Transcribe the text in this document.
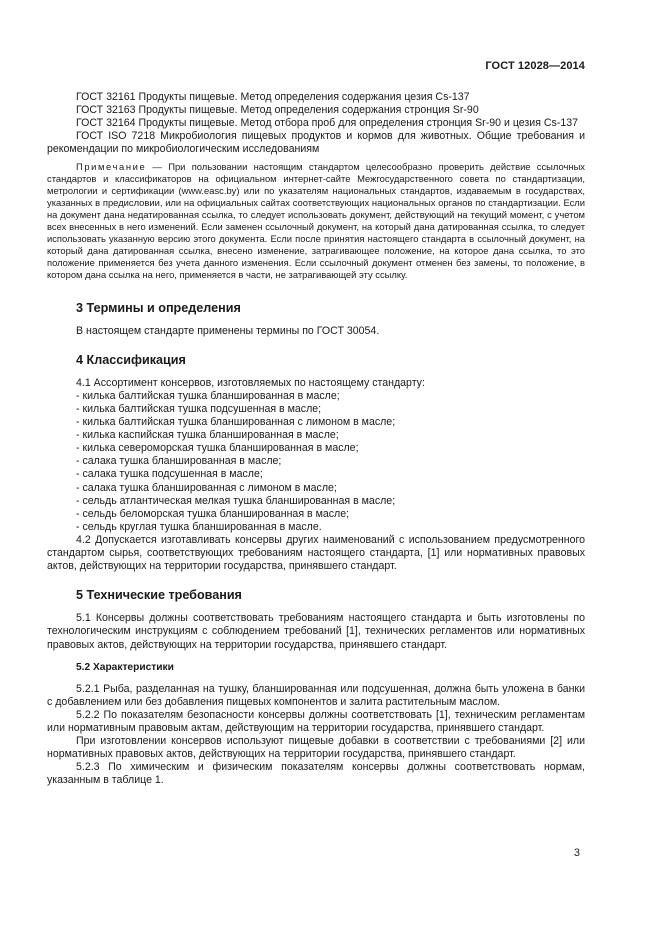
ГОСТ 12028—2014

ГОСТ 32161 Продукты пищевые. Метод определения содержания цезия Cs-137

ГОСТ 32163 Продукты пищевые. Метод определения содержания стронция Sr-90

ГОСТ 32164 Продукты пищевые. Метод отбора проб для определения стронция Sr-90 и цезия Cs-137

ГОСТ ISO 7218 Микробиология пищевых продуктов и кормов для животных. Общие требования и рекомендации по микробиологическим исследованиям

Примечание — При пользовании настоящим стандартом целесообразно проверить действие ссылочных стандартов и классификаторов на официальном интернет-сайте Межгосударственного совета по стандартизации, метрологии и сертификации (www.easc.by) или по указателям национальных стандартов, издаваемым в государствах, указанных в предисловии, или на официальных сайтах соответствующих национальных органов по стандартизации. Если на документ дана недатированная ссылка, то следует использовать документ, действующий на текущий момент, с учетом всех внесенных в него изменений. Если заменен ссылочный документ, на который дана датированная ссылка, то следует использовать указанную версию этого документа. Если после принятия настоящего стандарта в ссылочный документ, на который дана датированная ссылка, внесено изменение, затрагивающее положение, на которое дана ссылка, то это положение применяется без учета данного изменения. Если ссылочный документ отменен без замены, то положение, в котором дана ссылка на него, применяется в части, не затрагивающей эту ссылку.

3 Термины и определения

В настоящем стандарте применены термины по ГОСТ 30054.

4 Классификация

4.1 Ассортимент консервов, изготовляемых по настоящему стандарту:

- килька балтийская тушка бланшированная в масле;
- килька балтийская тушка подсушенная в масле;
- килька балтийская тушка бланшированная с лимоном в масле;
- килька каспийская тушка бланшированная в масле;
- килька североморская тушка бланшированная в масле;
- салака тушка бланшированная в масле;
- салака тушка подсушенная в масле;
- салака тушка бланшированная с лимоном в масле;
- сельдь атлантическая мелкая тушка бланшированная в масле;
- сельдь беломорская тушка бланшированная в масле;
- сельдь круглая тушка бланшированная в масле.

4.2 Допускается изготавливать консервы других наименований с использованием предусмотренного стандартом сырья, соответствующих требованиям настоящего стандарта, [1] или нормативных правовых актов, действующих на территории государства, принявшего стандарт.

5 Технические требования

5.1 Консервы должны соответствовать требованиям настоящего стандарта и быть изготовлены по технологическим инструкциям с соблюдением требований [1], технических регламентов или нормативных правовых актов, действующих на территории государства, принявшего стандарт.

5.2 Характеристики

5.2.1 Рыба, разделанная на тушку, бланшированная или подсушенная, должна быть уложена в банки с добавлением или без добавления пищевых компонентов и залита растительным маслом.

5.2.2 По показателям безопасности консервы должны соответствовать [1], техническим регламентам или нормативным правовым актам, действующим на территории государства, принявшего стандарт.

При изготовлении консервов используют пищевые добавки в соответствии с требованиями [2] или нормативных правовых актов, действующих на территории государства, принявшего стандарт.

5.2.3 По химическим и физическим показателям консервы должны соответствовать нормам, указанным в таблице 1.

3
